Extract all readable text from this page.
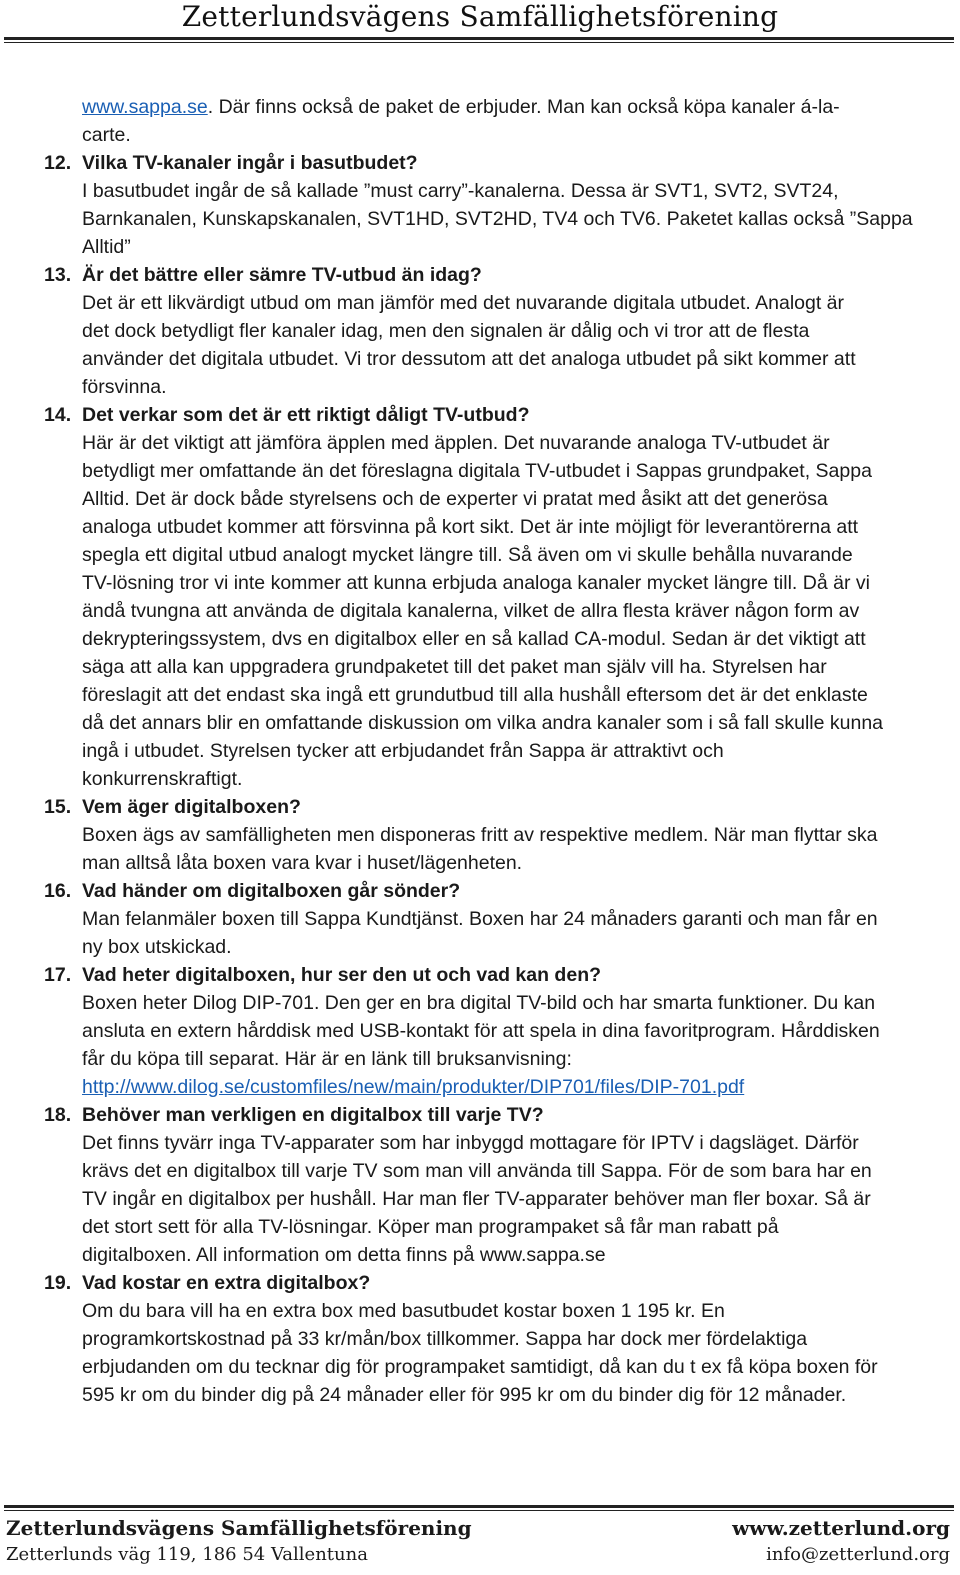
Zetterlundsvägens Samfällighetsförening
www.sappa.se. Där finns också de paket de erbjuder. Man kan också köpa kanaler á-la-
carte.
12. Vilka TV-kanaler ingår i basutbudet?
I basutbudet ingår de så kallade ”must carry”-kanalerna. Dessa är SVT1, SVT2, SVT24,
Barnkanalen, Kunskapskanalen, SVT1HD, SVT2HD, TV4 och TV6. Paketet kallas också ”Sappa
Alltid”
13. Är det bättre eller sämre TV-utbud än idag?
Det är ett likvärdigt utbud om man jämför med det nuvarande digitala utbudet. Analogt är
det dock betydligt fler kanaler idag, men den signalen är dålig och vi tror att de flesta
använder det digitala utbudet. Vi tror dessutom att det analoga utbudet på sikt kommer att
försvinna.
14. Det verkar som det är ett riktigt dåligt TV-utbud?
Här är det viktigt att jämföra äpplen med äpplen. Det nuvarande analoga TV-utbudet är
betydligt mer omfattande än det föreslagna digitala TV-utbudet i Sappas grundpaket, Sappa
Alltid. Det är dock både styrelsens och de experter vi pratat med åsikt att det generösa
analoga utbudet kommer att försvinna på kort sikt. Det är inte möjligt för leverantörerna att
spegla ett digital utbud analogt mycket längre till. Så även om vi skulle behålla nuvarande
TV-lösning tror vi inte kommer att kunna erbjuda analoga kanaler mycket längre till. Då är vi
ändå tvungna att använda de digitala kanalerna, vilket de allra flesta kräver någon form av
dekrypteringssystem, dvs en digitalbox eller en så kallad CA-modul. Sedan är det viktigt att
säga att alla kan uppgradera grundpaketet till det paket man själv vill ha. Styrelsen har
föreslagit att det endast ska ingå ett grundutbud till alla hushåll eftersom det är det enklaste
då det annars blir en omfattande diskussion om vilka andra kanaler som i så fall skulle kunna
ingå i utbudet. Styrelsen tycker att erbjudandet från Sappa är attraktivt och
konkurrenskraftigt.
15. Vem äger digitalboxen?
Boxen ägs av samfälligheten men disponeras fritt av respektive medlem. När man flyttar ska
man alltså låta boxen vara kvar i huset/lägenheten.
16. Vad händer om digitalboxen går sönder?
Man felanmäler boxen till Sappa Kundtjänst. Boxen har 24 månaders garanti och man får en
ny box utskickad.
17. Vad heter digitalboxen, hur ser den ut och vad kan den?
Boxen heter Dilog DIP-701. Den ger en bra digital TV-bild och har smarta funktioner. Du kan
ansluta en extern hårddisk med USB-kontakt för att spela in dina favoritprogram. Hårddisken
får du köpa till separat. Här är en länk till bruksanvisning:
http://www.dilog.se/customfiles/new/main/produkter/DIP701/files/DIP-701.pdf
18. Behöver man verkligen en digitalbox till varje TV?
Det finns tyvärr inga TV-apparater som har inbyggd mottagare för IPTV i dagsläget. Därför
krävs det en digitalbox till varje TV som man vill använda till Sappa. För de som bara har en
TV ingår en digitalbox per hushåll. Har man fler TV-apparater behöver man fler boxar. Så är
det stort sett för alla TV-lösningar. Köper man programpaket så får man rabatt på
digitalboxen. All information om detta finns på www.sappa.se
19. Vad kostar en extra digitalbox?
Om du bara vill ha en extra box med basutbudet kostar boxen 1 195 kr. En
programkortskostnad på 33 kr/mån/box tillkommer. Sappa har dock mer fördelaktiga
erbjudanden om du tecknar dig för programpaket samtidigt, då kan du t ex få köpa boxen för
595 kr om du binder dig på 24 månader eller för 995 kr om du binder dig för 12 månader.
Zetterlundsvägens Samfällighetsförening	www.zetterlund.org
Zetterlunds väg 119, 186 54 Vallentuna	info@zetterlund.org
